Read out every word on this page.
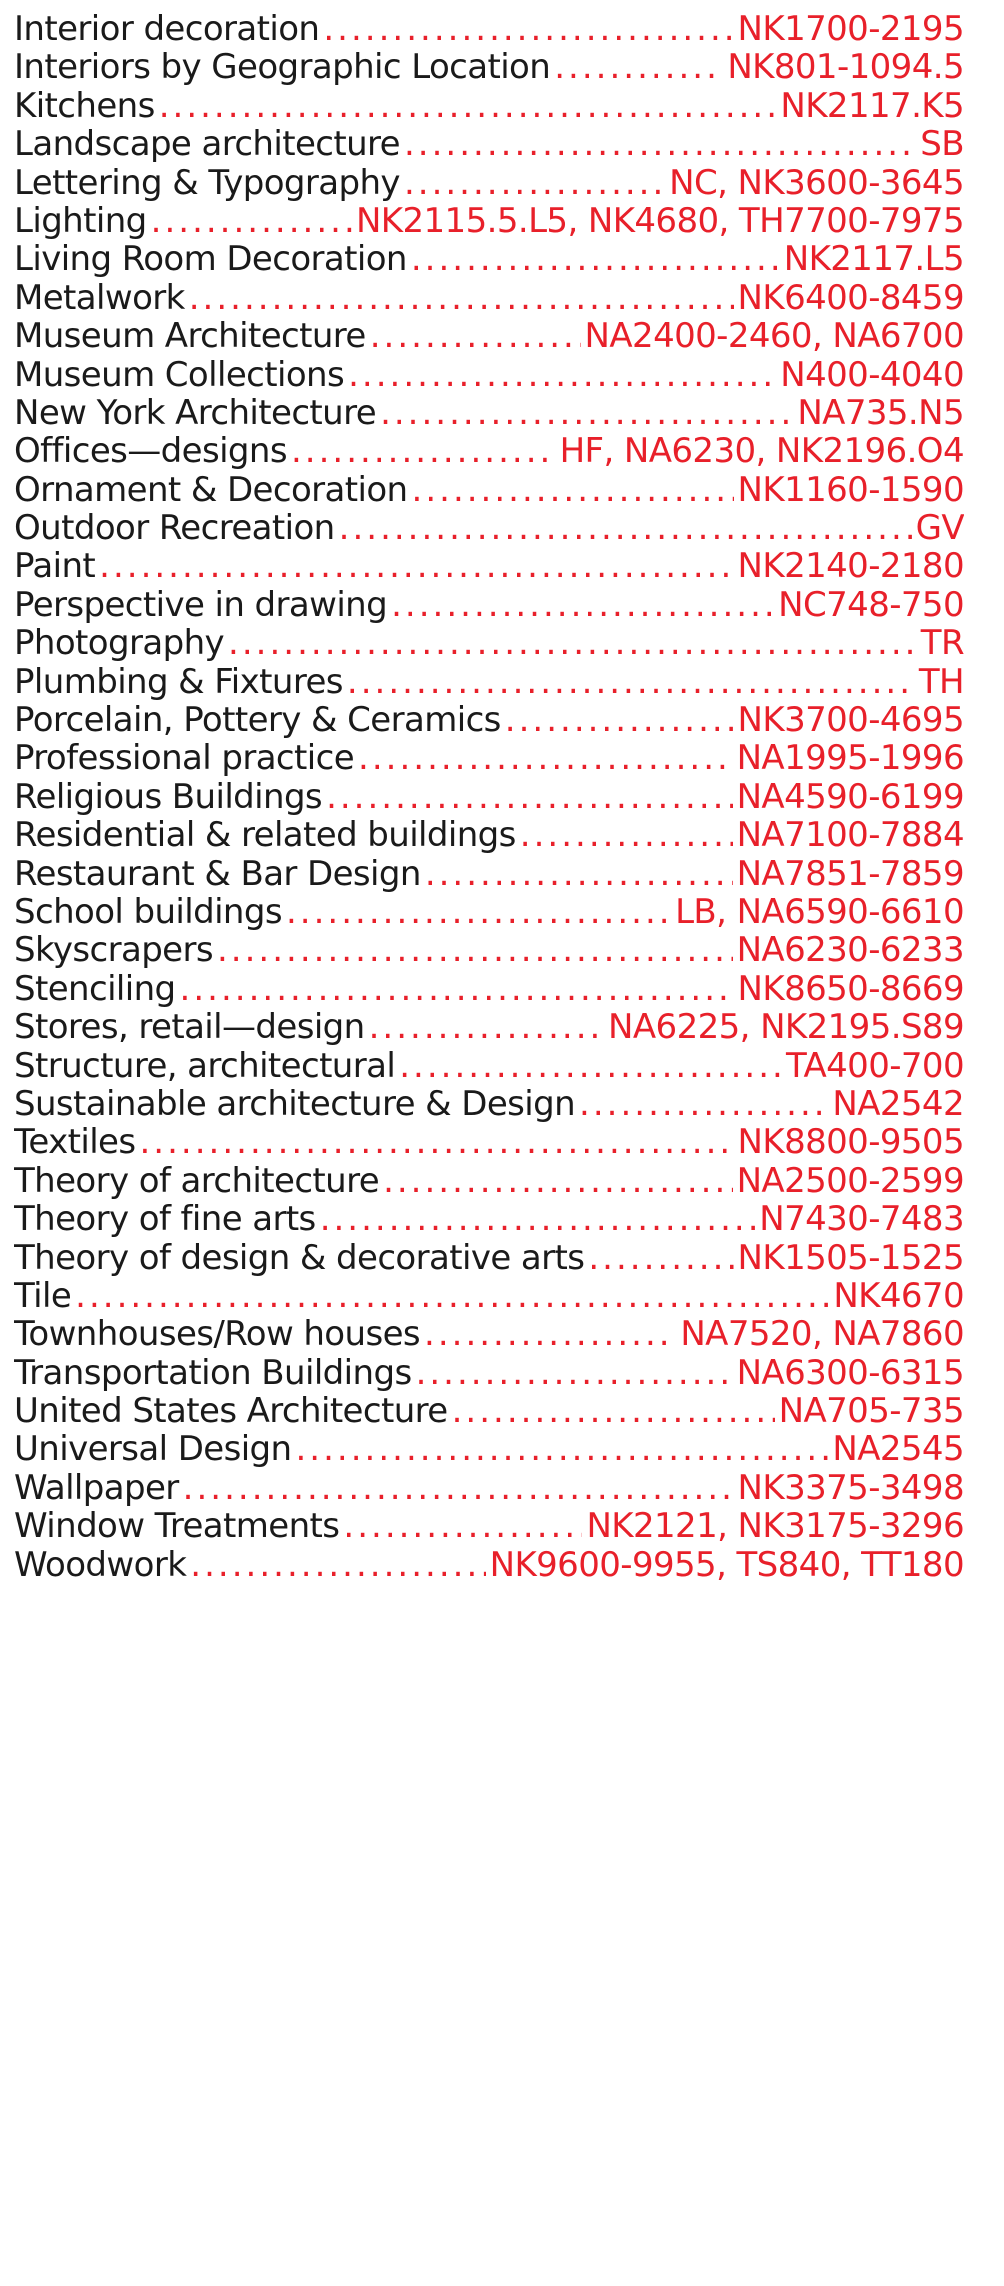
Interior decoration .....	NK1700-2195
Interiors by Geographic Location .....	NK801-1094.5
Kitchens .....	NK2117.K5
Landscape architecture .....	SB
Lettering & Typography .....	NC, NK3600-3645
Lighting .....	NK2115.5.L5, NK4680, TH7700-7975
Living Room Decoration .....	NK2117.L5
Metalwork .....	NK6400-8459
Museum Architecture .....	NA2400-2460, NA6700
Museum Collections .....	N400-4040
New York Architecture .....	NA735.N5
Offices—designs .....	HF, NA6230, NK2196.O4
Ornament & Decoration .....	NK1160-1590
Outdoor Recreation .....	GV
Paint .....	NK2140-2180
Perspective in drawing .....	NC748-750
Photography .....	TR
Plumbing & Fixtures .....	TH
Porcelain, Pottery & Ceramics .....	NK3700-4695
Professional practice .....	NA1995-1996
Religious Buildings .....	NA4590-6199
Residential & related buildings .....	NA7100-7884
Restaurant & Bar Design .....	NA7851-7859
School buildings .....	LB, NA6590-6610
Skyscrapers .....	NA6230-6233
Stenciling .....	NK8650-8669
Stores, retail—design .....	NA6225, NK2195.S89
Structure, architectural .....	TA400-700
Sustainable architecture & Design .....	NA2542
Textiles .....	NK8800-9505
Theory of architecture .....	NA2500-2599
Theory of fine arts .....	N7430-7483
Theory of design & decorative arts .....	NK1505-1525
Tile .....	NK4670
Townhouses/Row houses .....	NA7520, NA7860
Transportation Buildings .....	NA6300-6315
United States Architecture .....	NA705-735
Universal Design .....	NA2545
Wallpaper .....	NK3375-3498
Window Treatments .....	NK2121, NK3175-3296
Woodwork .....	NK9600-9955, TS840, TT180
